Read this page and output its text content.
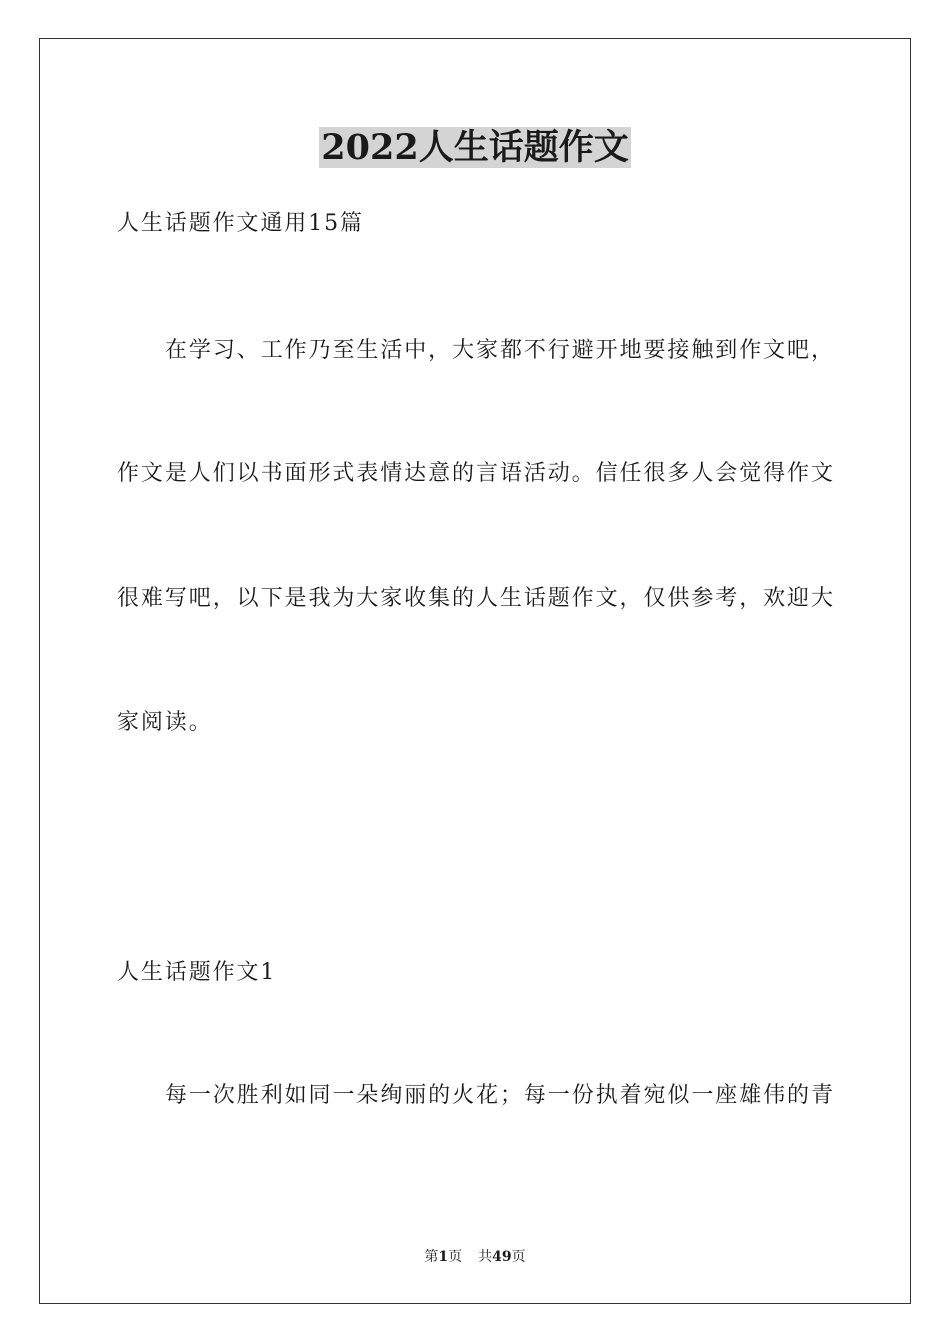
2022人生话题作文

人生话题作文通用15篇

在学习、工作乃至生活中，大家都不行避开地要接触到作文吧，

作文是人们以书面形式表情达意的言语活动。信任很多人会觉得作文

很难写吧，以下是我为大家收集的人生话题作文，仅供参考，欢迎大

家阅读。

人生话题作文1

每一次胜利如同一朵绚丽的火花；每一份执着宛似一座雄伟的青

第1页 共49页
